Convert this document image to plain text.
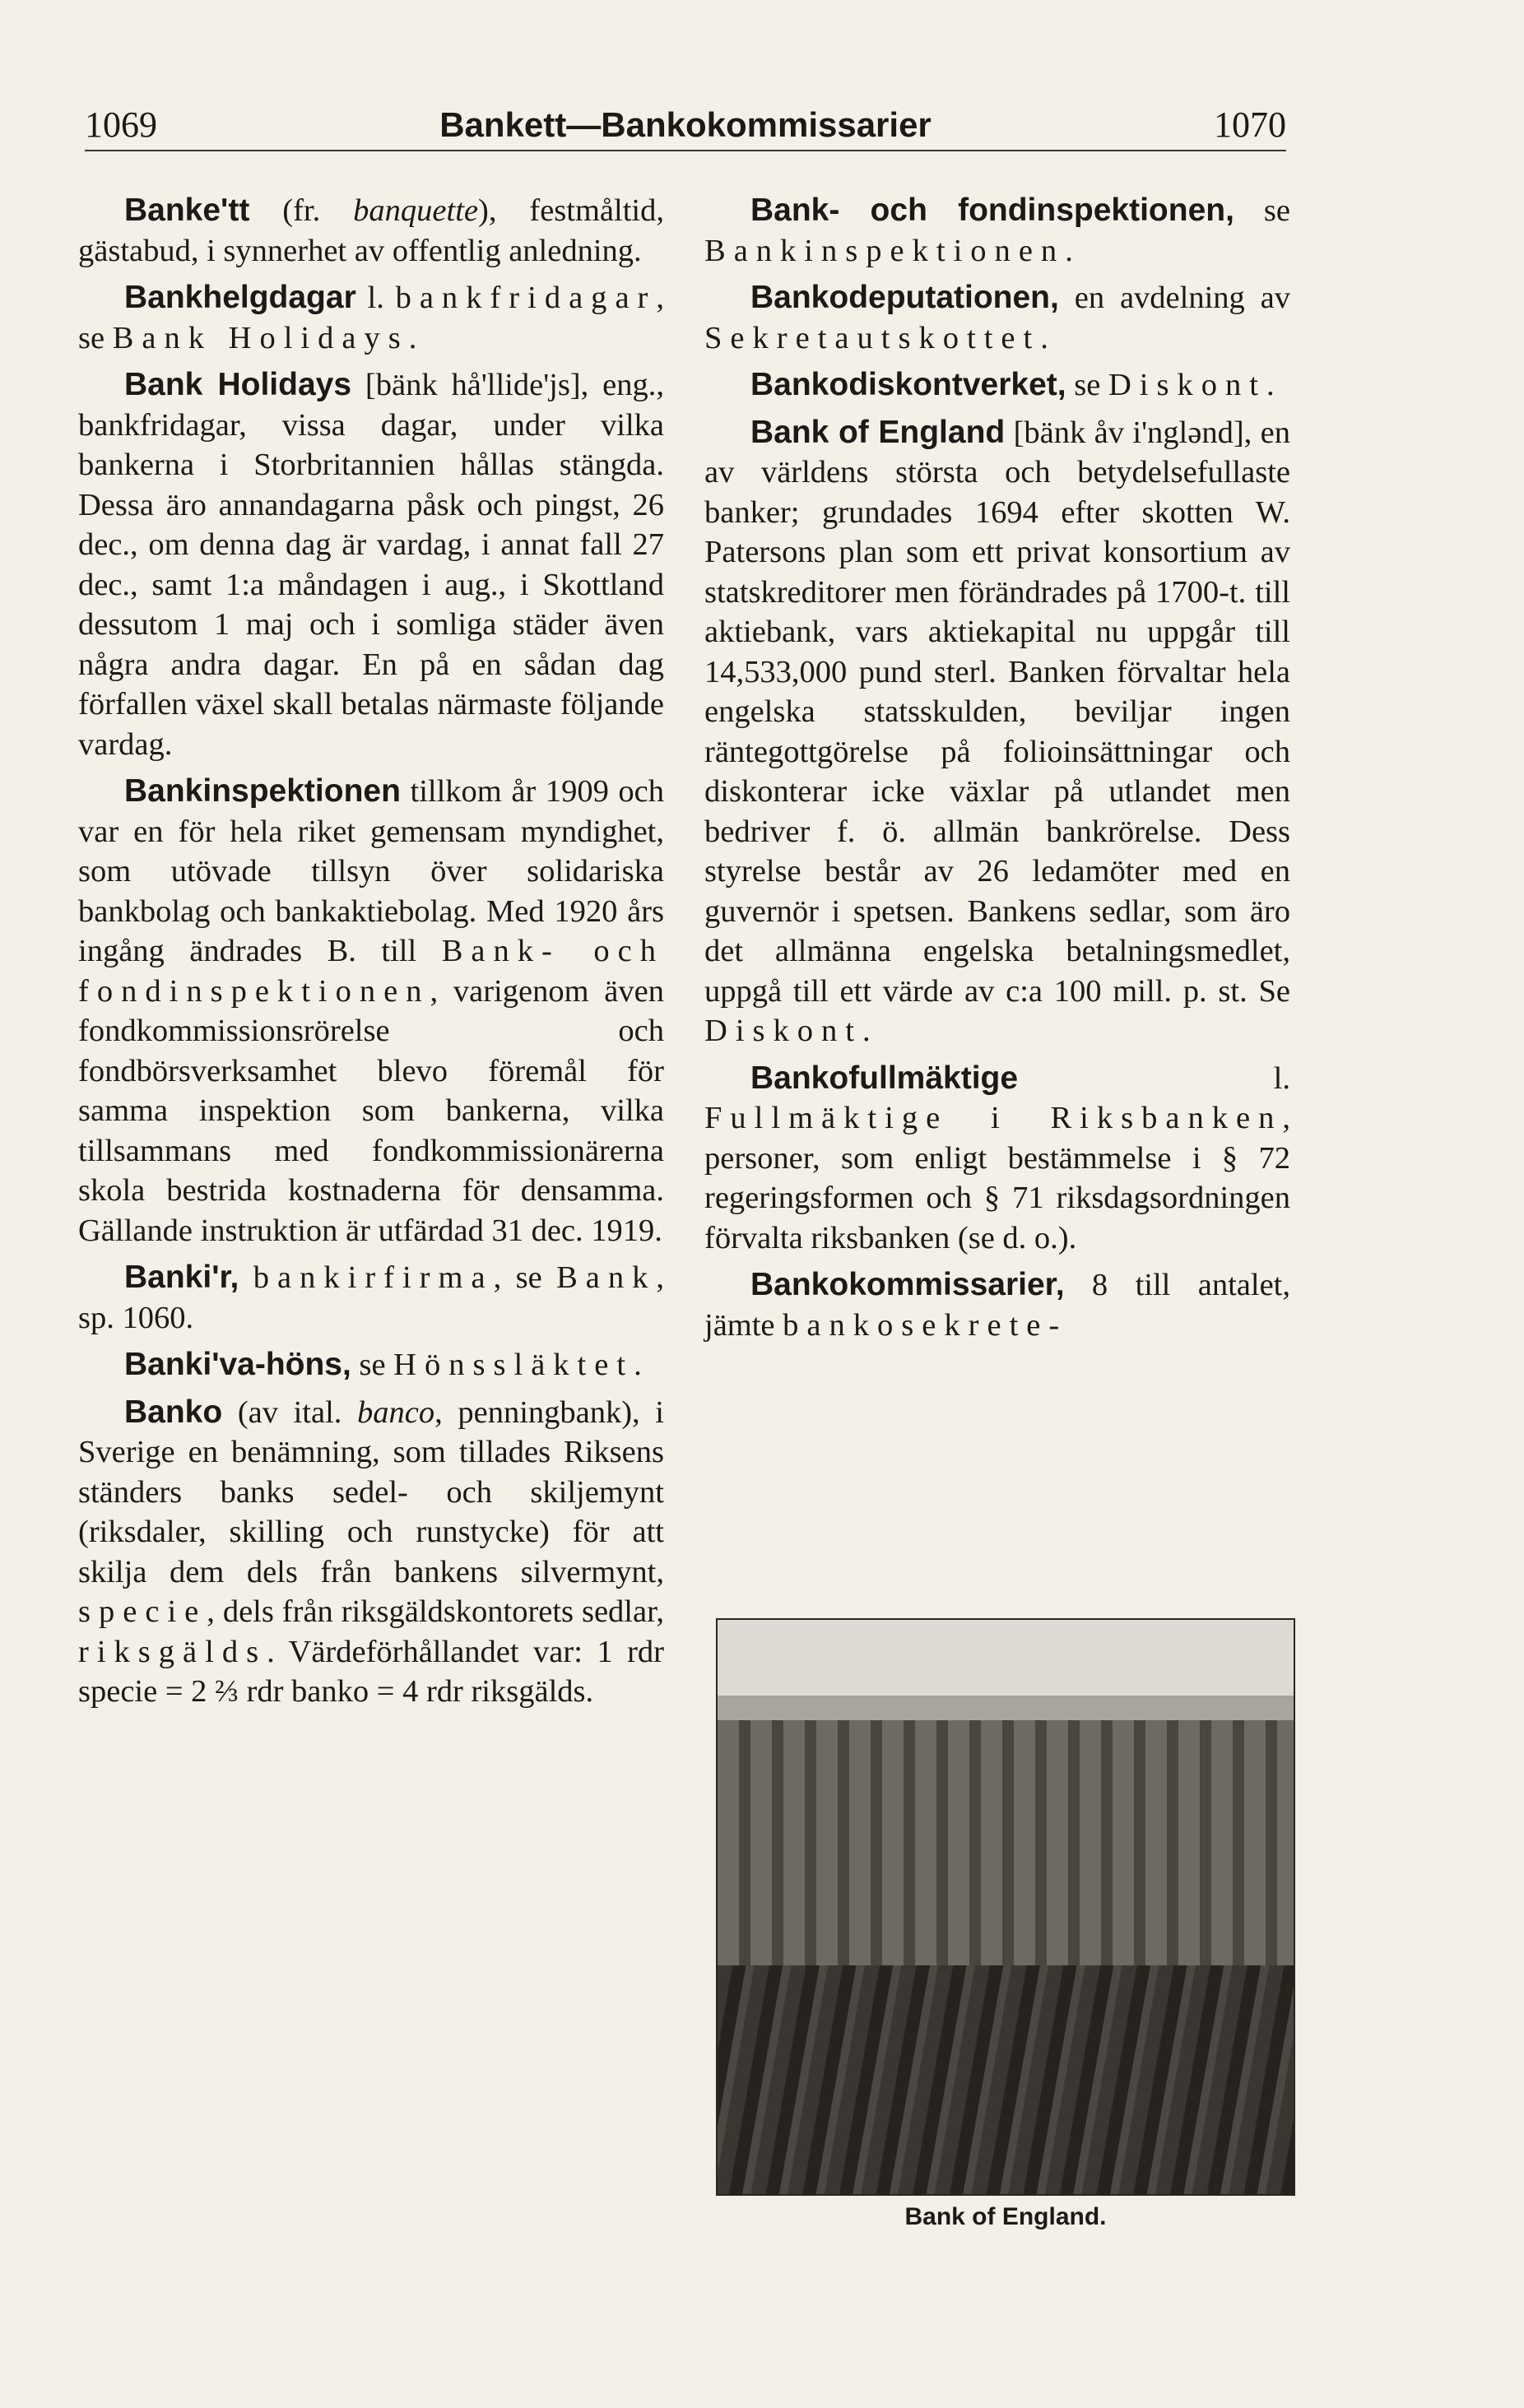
1069	Bankett—Bankokommissarier	1070

Banke'tt (fr. banquette), festmåltid, gästabud, i synnerhet av offentlig anledning.

Bankhelgdagar l. bankfridagar, se Bank Holidays.

Bank Holidays [bänk hå'llide'js], eng., bankfridagar, vissa dagar, under vilka bankerna i Storbritannien hållas stängda. Dessa äro annandagarna påsk och pingst, 26 dec., om denna dag är vardag, i annat fall 27 dec., samt 1:a måndagen i aug., i Skottland dessutom 1 maj och i somliga städer även några andra dagar. En på en sådan dag förfallen växel skall betalas närmaste följande vardag.

Bankinspektionen tillkom år 1909 och var en för hela riket gemensam myndighet, som utövade tillsyn över solidariska bankbolag och bankaktiebolag. Med 1920 års ingång ändrades B. till Bank- och fondinspektionen, varigenom även fondkommissionsrörelse och fondbörsverksamhet blevo föremål för samma inspektion som bankerna, vilka tillsammans med fondkommissionärerna skola bestrida kostnaderna för densamma. Gällande instruktion är utfärdad 31 dec. 1919.

Banki'r, bankirfirma, se Bank, sp. 1060.

Banki'va-höns, se Hönssläktet.

Banko (av ital. banco, penningbank), i Sverige en benämning, som tillades Riksens ständers banks sedel- och skiljemynt (riksdaler, skilling och runstycke) för att skilja dem dels från bankens silvermynt, specie, dels från riksgäldskontorets sedlar, riksgälds. Värdeförhållandet var: 1 rdr specie = 2 ⅔ rdr banko = 4 rdr riksgälds.

Bank- och fondinspektionen, se Bankinspektionen.

Bankodeputationen, en avdelning av Sekretautskottet.

Bankodiskontverket, se Diskont.

Bank of England [bänk åv i'nglənd], en av världens största och betydelsefullaste banker; grundades 1694 efter skotten W. Patersons plan som ett privat konsortium av statskreditorer men förändrades på 1700-t. till aktiebank, vars aktiekapital nu uppgår till 14,533,000 pund sterl. Banken förvaltar hela engelska statsskulden, beviljar ingen räntegottgörelse på folioinsättningar och diskonterar icke växlar på utlandet men bedriver f. ö. allmän bankrörelse. Dess styrelse består av 26 ledamöter med en guvernör i spetsen. Bankens sedlar, som äro det allmänna engelska betalningsmedlet, uppgå till ett värde av c:a 100 mill. p. st. Se Diskont.

Bankofullmäktige l. Fullmäktige i Riksbanken, personer, som enligt bestämmelse i § 72 regeringsformen och § 71 riksdagsordningen förvalta riksbanken (se d. o.).

Bankokommissarier, 8 till antalet, jämte bankosekrete-

Bank of England.
